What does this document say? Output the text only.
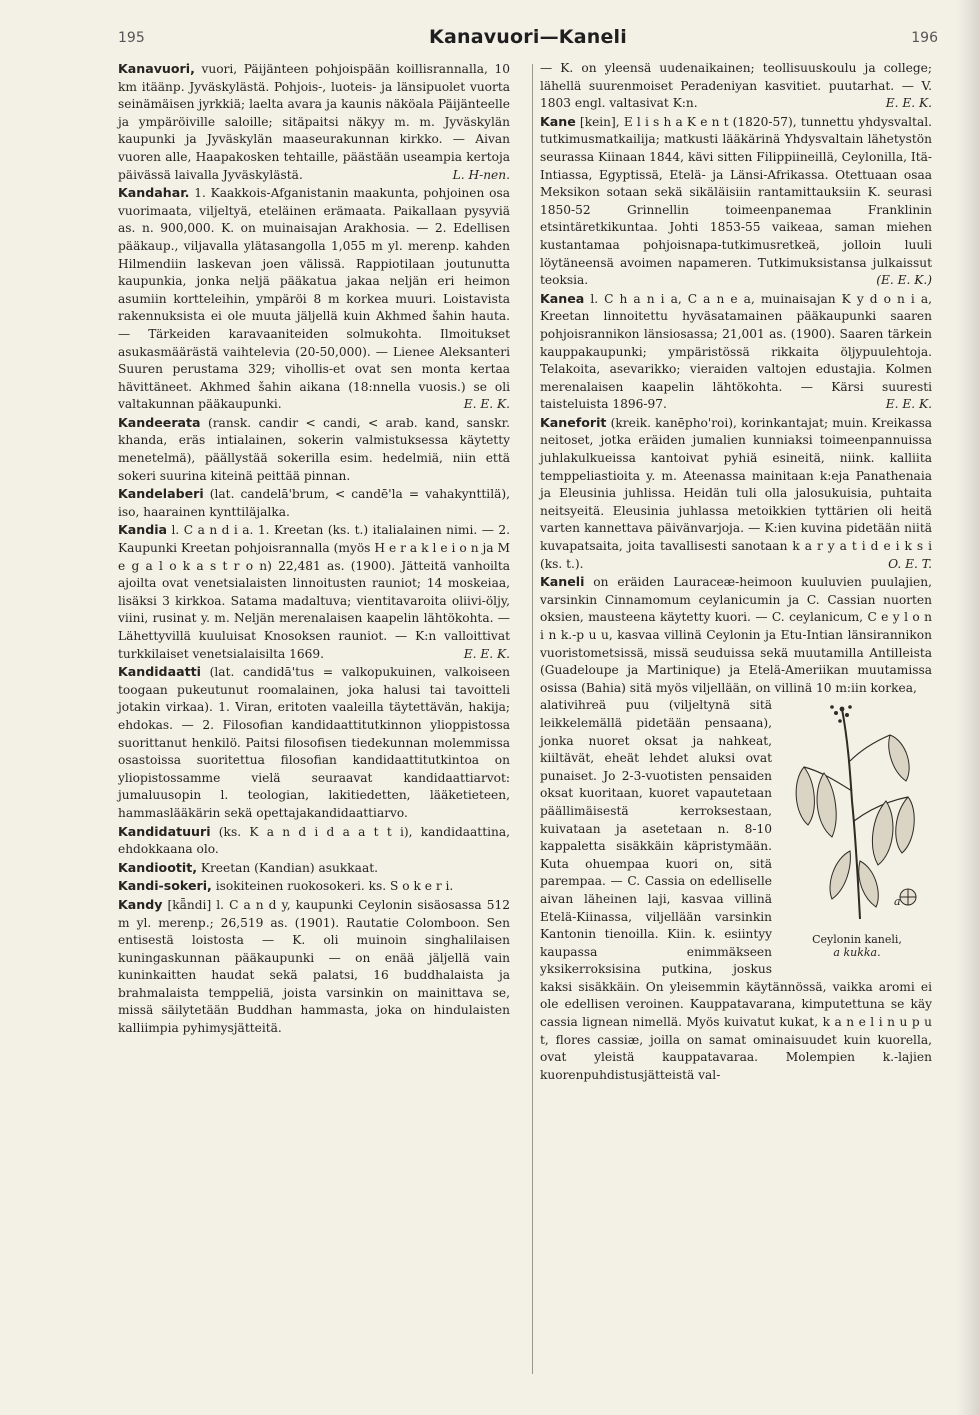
195	Kanavuori—Kaneli	196

Kanavuori, vuori, Päijänteen pohjoispään koillisrannalla, 10 km itäänp. Jyväskylästä. Pohjois-, luoteis- ja länsipuolet vuorta seinämäisen jyrkkiä; laelta avara ja kaunis näköala Päijänteelle ja ympäröiville saloille; sitäpaitsi näkyy m. m. Jyväskylän kaupunki ja Jyväskylän maaseurakunnan kirkko. — Aivan vuoren alle, Haapakosken tehtaille, päästään useampia kertoja päivässä laivalla Jyväskylästä.	L. H-nen.

Kandahar. 1. Kaakkois-Afganistanin maakunta, pohjoinen osa vuorimaata, viljeltyä, eteläinen erämaata. Paikallaan pysyviä as. n. 900,000. K. on muinaisajan Arakhosia. — 2. Edellisen pääkaup., viljavalla ylätasangolla 1,055 m yl. merenp. kahden Hilmendiin laskevan joen välissä. Rappiotilaan joutunutta kaupunkia, jonka neljä pääkatua jakaa neljän eri heimon asumiin kortteleihin, ympäröi 8 m korkea muuri. Loistavista rakennuksista ei ole muuta jäljellä kuin Akhmed šahin hauta. — Tärkeiden karavaaniteiden solmukohta. Ilmoitukset asukasmäärästä vaihtelevia (20-50,000). — Lienee Aleksanteri Suuren perustama 329; vihollis-et ovat sen monta kertaa hävittäneet. Akhmed šahin aikana (18:nnella vuosis.) se oli valtakunnan pääkaupunki.	E. E. K.

Kandeerata (ransk. candir < candi, < arab. kand, sanskr. khanda, eräs intialainen, sokerin valmistuksessa käytetty menetelmä), päällystää sokerilla esim. hedelmiä, niin että sokeri suurina kiteinä peittää pinnan.

Kandelaberi (lat. candelā'brum, < candē'la = vahakynttilä), iso, haarainen kynttiläjalka.

Kandia l. C a n d i a. 1. Kreetan (ks. t.) italialainen nimi. — 2. Kaupunki Kreetan pohjoisrannalla (myös H e r a k l e i o n ja M e g a l o k a s t r o n) 22,481 as. (1900). Jätteitä vanhoilta ajoilta ovat venetsialaisten linnoitusten rauniot; 14 moskeiaa, lisäksi 3 kirkkoa. Satama madaltuva; vientitavaroita oliivi-öljy, viini, rusinat y. m. Neljän merenalaisen kaapelin lähtökohta. — Lähettyvillä kuuluisat Knosoksen rauniot. — K:n valloittivat turkkilaiset venetsialaisilta 1669.	E. E. K.

Kandidaatti (lat. candidā'tus = valkopukuinen, valkoiseen toogaan pukeutunut roomalainen, joka halusi tai tavoitteli jotakin virkaa). 1. Viran, eritoten vaaleilla täytettävän, hakija; ehdokas. — 2. Filosofian kandidaattitutkinnon ylioppistossa suorittanut henkilö. Paitsi filosofisen tiedekunnan molemmissa osastoissa suoritettua filosofian kandidaattitutkintoa on yliopistossamme vielä seuraavat kandidaattiarvot: jumaluusopin l. teologian, lakitiedetten, lääketieteen, hammaslääkärin sekä opettajakandidaattiarvo.

Kandidatuuri (ks. K a n d i d a a t t i), kandidaattina, ehdokkaana olo.

Kandiootit, Kreetan (Kandian) asukkaat.

Kandi-sokeri, isokiteinen ruokosokeri. ks. S o k e r i.

Kandy [kǟndi] l. C a n d y, kaupunki Ceylonin sisäosassa 512 m yl. merenp.; 26,519 as. (1901). Rautatie Colomboon. Sen entisestä loistosta — K. oli muinoin singhalilaisen kuningaskunnan pääkaupunki — on enää jäljellä vain kuninkaitten haudat sekä palatsi, 16 buddhalaista ja brahmalaista temppeliä, joista varsinkin on mainittava se, missä säilytetään Buddhan hammasta, joka on hindulaisten kalliimpia pyhimysjätteitä.

— K. on yleensä uudenaikainen; teollisuuskoulu ja college; lähellä suurenmoiset Peradeniyan kasvitiet. puutarhat. — V. 1803 engl. valtasivat K:n.	E. E. K.

Kane [kein], E l i s h a K e n t (1820-57), tunnettu yhdysvaltal. tutkimusmatkailija; matkusti lääkärinä Yhdysvaltain lähetystön seurassa Kiinaan 1844, kävi sitten Filippiineillä, Ceylonilla, Itä-Intiassa, Egyptissä, Etelä- ja Länsi-Afrikassa. Otettuaan osaa Meksikon sotaan sekä sikäläisiin rantamittauksiin K. seurasi 1850-52 Grinnellin toimeenpanemaa Franklinin etsintäretkikuntaa. Johti 1853-55 vaikeaa, saman miehen kustantamaa pohjoisnapa-tutkimusretkeä, jolloin luuli löytäneensä avoimen napameren. Tutkimuksistansa julkaissut teoksia.	(E. E. K.)

Kanea l. C h a n i a, C a n e a, muinaisajan K y d o n i a, Kreetan linnoitettu hyväsatamainen pääkaupunki saaren pohjoisrannikon länsiosassa; 21,001 as. (1900). Saaren tärkein kauppakaupunki; ympäristössä rikkaita öljypuulehtoja. Telakoita, asevarikko; vieraiden valtojen edustajia. Kolmen merenalaisen kaapelin lähtökohta. — Kärsi suuresti taisteluista 1896-97.	E. E. K.

Kaneforit (kreik. kanēpho'roi), korinkantajat; muin. Kreikassa neitoset, jotka eräiden jumalien kunniaksi toimeenpannuissa juhlakulkueissa kantoivat pyhiä esineitä, niink. kalliita temppeliastioita y. m. Ateenassa mainitaan k:eja Panathenaia ja Eleusinia juhlissa. Heidän tuli olla jalosukuisia, puhtaita neitsyeitä. Eleusinia juhlassa metoikkien tyttärien oli heitä varten kannettava päivänvarjoja. — K:ien kuvina pidetään niitä kuvapatsaita, joita tavallisesti sanotaan k a r y a t i d e i k s i (ks. t.).	O. E. T.

Kaneli on eräiden Lauraceæ-heimoon kuuluvien puulajien, varsinkin Cinnamomum ceylanicumin ja C. Cassian nuorten oksien, mausteena käytetty kuori. — C. ceylanicum, C e y l o n i n k.-p u u, kasvaa villinä Ceylonin ja Etu-Intian länsirannikon vuoristometsissä, missä seuduissa sekä muutamilla Antilleista (Guadeloupe ja Martinique) ja Etelä-Ameriikan muutamissa osissa (Bahia) sitä myös viljellään, on villinä 10 m:iin korkea,

a
Ceylonin kaneli,
a kukka.
alativihreä puu (viljeltynä sitä leikkelemällä pidetään pensaana), jonka nuoret oksat ja nahkeat, kiiltävät, eheät lehdet aluksi ovat punaiset. Jo 2-3-vuotisten pensaiden oksat kuoritaan, kuoret vapautetaan päällimäisestä kerroksestaan, kuivataan ja asetetaan n. 8-10 kappaletta sisäkkäin käpristymään. Kuta ohuempaa kuori on, sitä parempaa. — C. Cassia on edelliselle aivan läheinen laji, kasvaa villinä Etelä-Kiinassa, viljellään varsinkin Kantonin tienoilla. Kiin. k. esiintyy kaupassa enimmäkseen yksikerroksisina putkina, joskus kaksi sisäkkäin. On yleisemmin käytännössä, vaikka aromi ei ole edellisen veroinen. Kauppatavarana, kimputettuna se käy cassia lignean nimellä. Myös kuivatut kukat, k a n e l i n u p u t, flores cassiæ, joilla on samat ominaisuudet kuin kuorella, ovat yleistä kauppatavaraa. Molempien k.-lajien kuorenpuhdistusjätteistä val-
